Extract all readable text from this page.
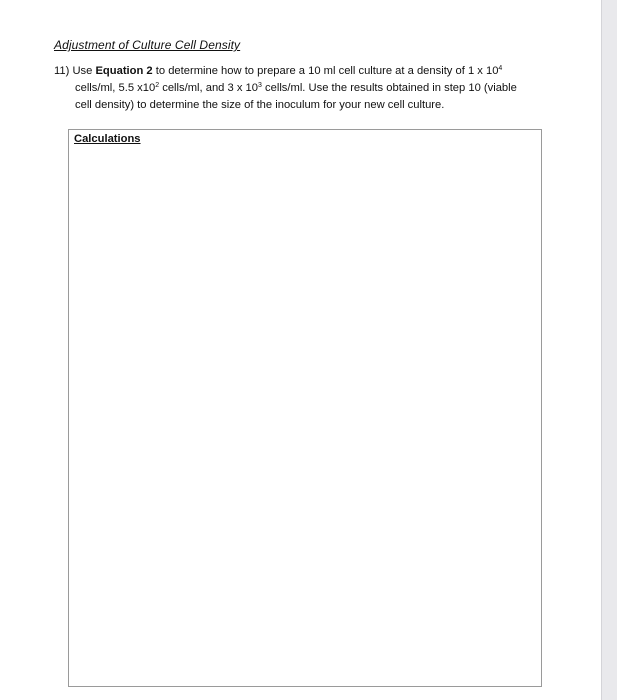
Adjustment of Culture Cell Density
11) Use Equation 2 to determine how to prepare a 10 ml cell culture at a density of 1 x $10^4$
cells/ml, 5.5 $x10^2$ cells/ml, and 3 x $10^3$ cells/ml. Use the results obtained in step 10 (viable
cell density) to determine the size of the inoculum for your new cell culture.
Calculations
